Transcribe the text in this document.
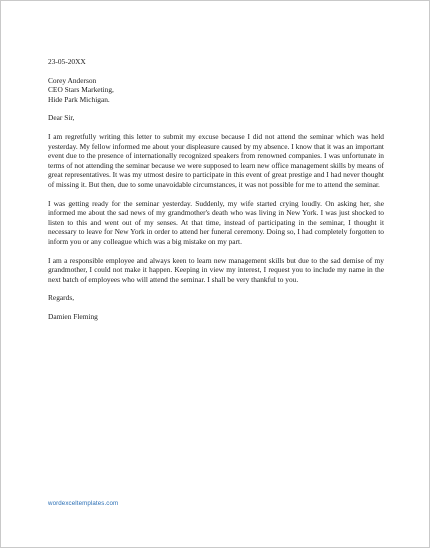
23-05-20XX

Corey Anderson
CEO Stars Marketing,
Hide Park Michigan.

Dear Sir,

I am regretfully writing this letter to submit my excuse because I did not attend the seminar which was held yesterday. My fellow informed me about your displeasure caused by my absence. I know that it was an important event due to the presence of internationally recognized speakers from renowned companies. I was unfortunate in terms of not attending the seminar because we were supposed to learn new office management skills by means of great representatives. It was my utmost desire to participate in this event of great prestige and I had never thought of missing it. But then, due to some unavoidable circumstances, it was not possible for me to attend the seminar.

I was getting ready for the seminar yesterday. Suddenly, my wife started crying loudly. On asking her, she informed me about the sad news of my grandmother's death who was living in New York. I was just shocked to listen to this and went out of my senses. At that time, instead of participating in the seminar, I thought it necessary to leave for New York in order to attend her funeral ceremony. Doing so, I had completely forgotten to inform you or any colleague which was a big mistake on my part.

I am a responsible employee and always keen to learn new management skills but due to the sad demise of my grandmother, I could not make it happen. Keeping in view my interest, I request you to include my name in the next batch of employees who will attend the seminar. I shall be very thankful to you.

Regards,

Damien Fleming

wordexceltemplates.com
